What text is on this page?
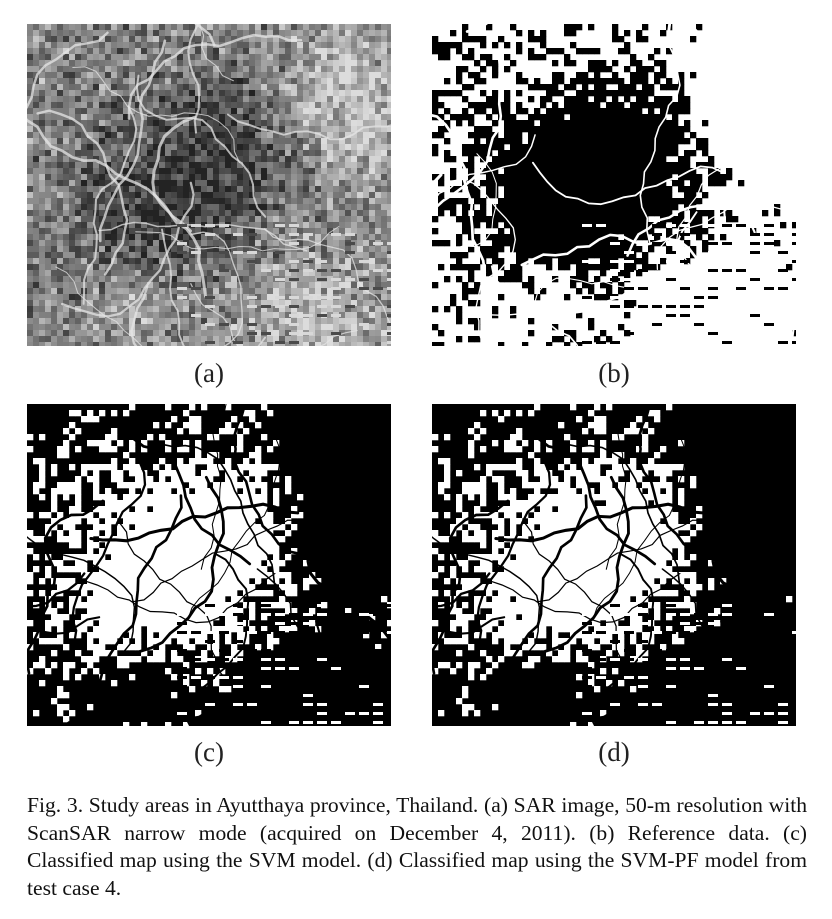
(a)	(b)
(c)	(d)
Fig. 3. Study areas in Ayutthaya province, Thailand. (a) SAR image, 50-m resolution with ScanSAR narrow mode (acquired on December 4, 2011). (b) Reference data. (c) Classified map using the SVM model. (d) Classified map using the SVM-PF model from test case 4.
